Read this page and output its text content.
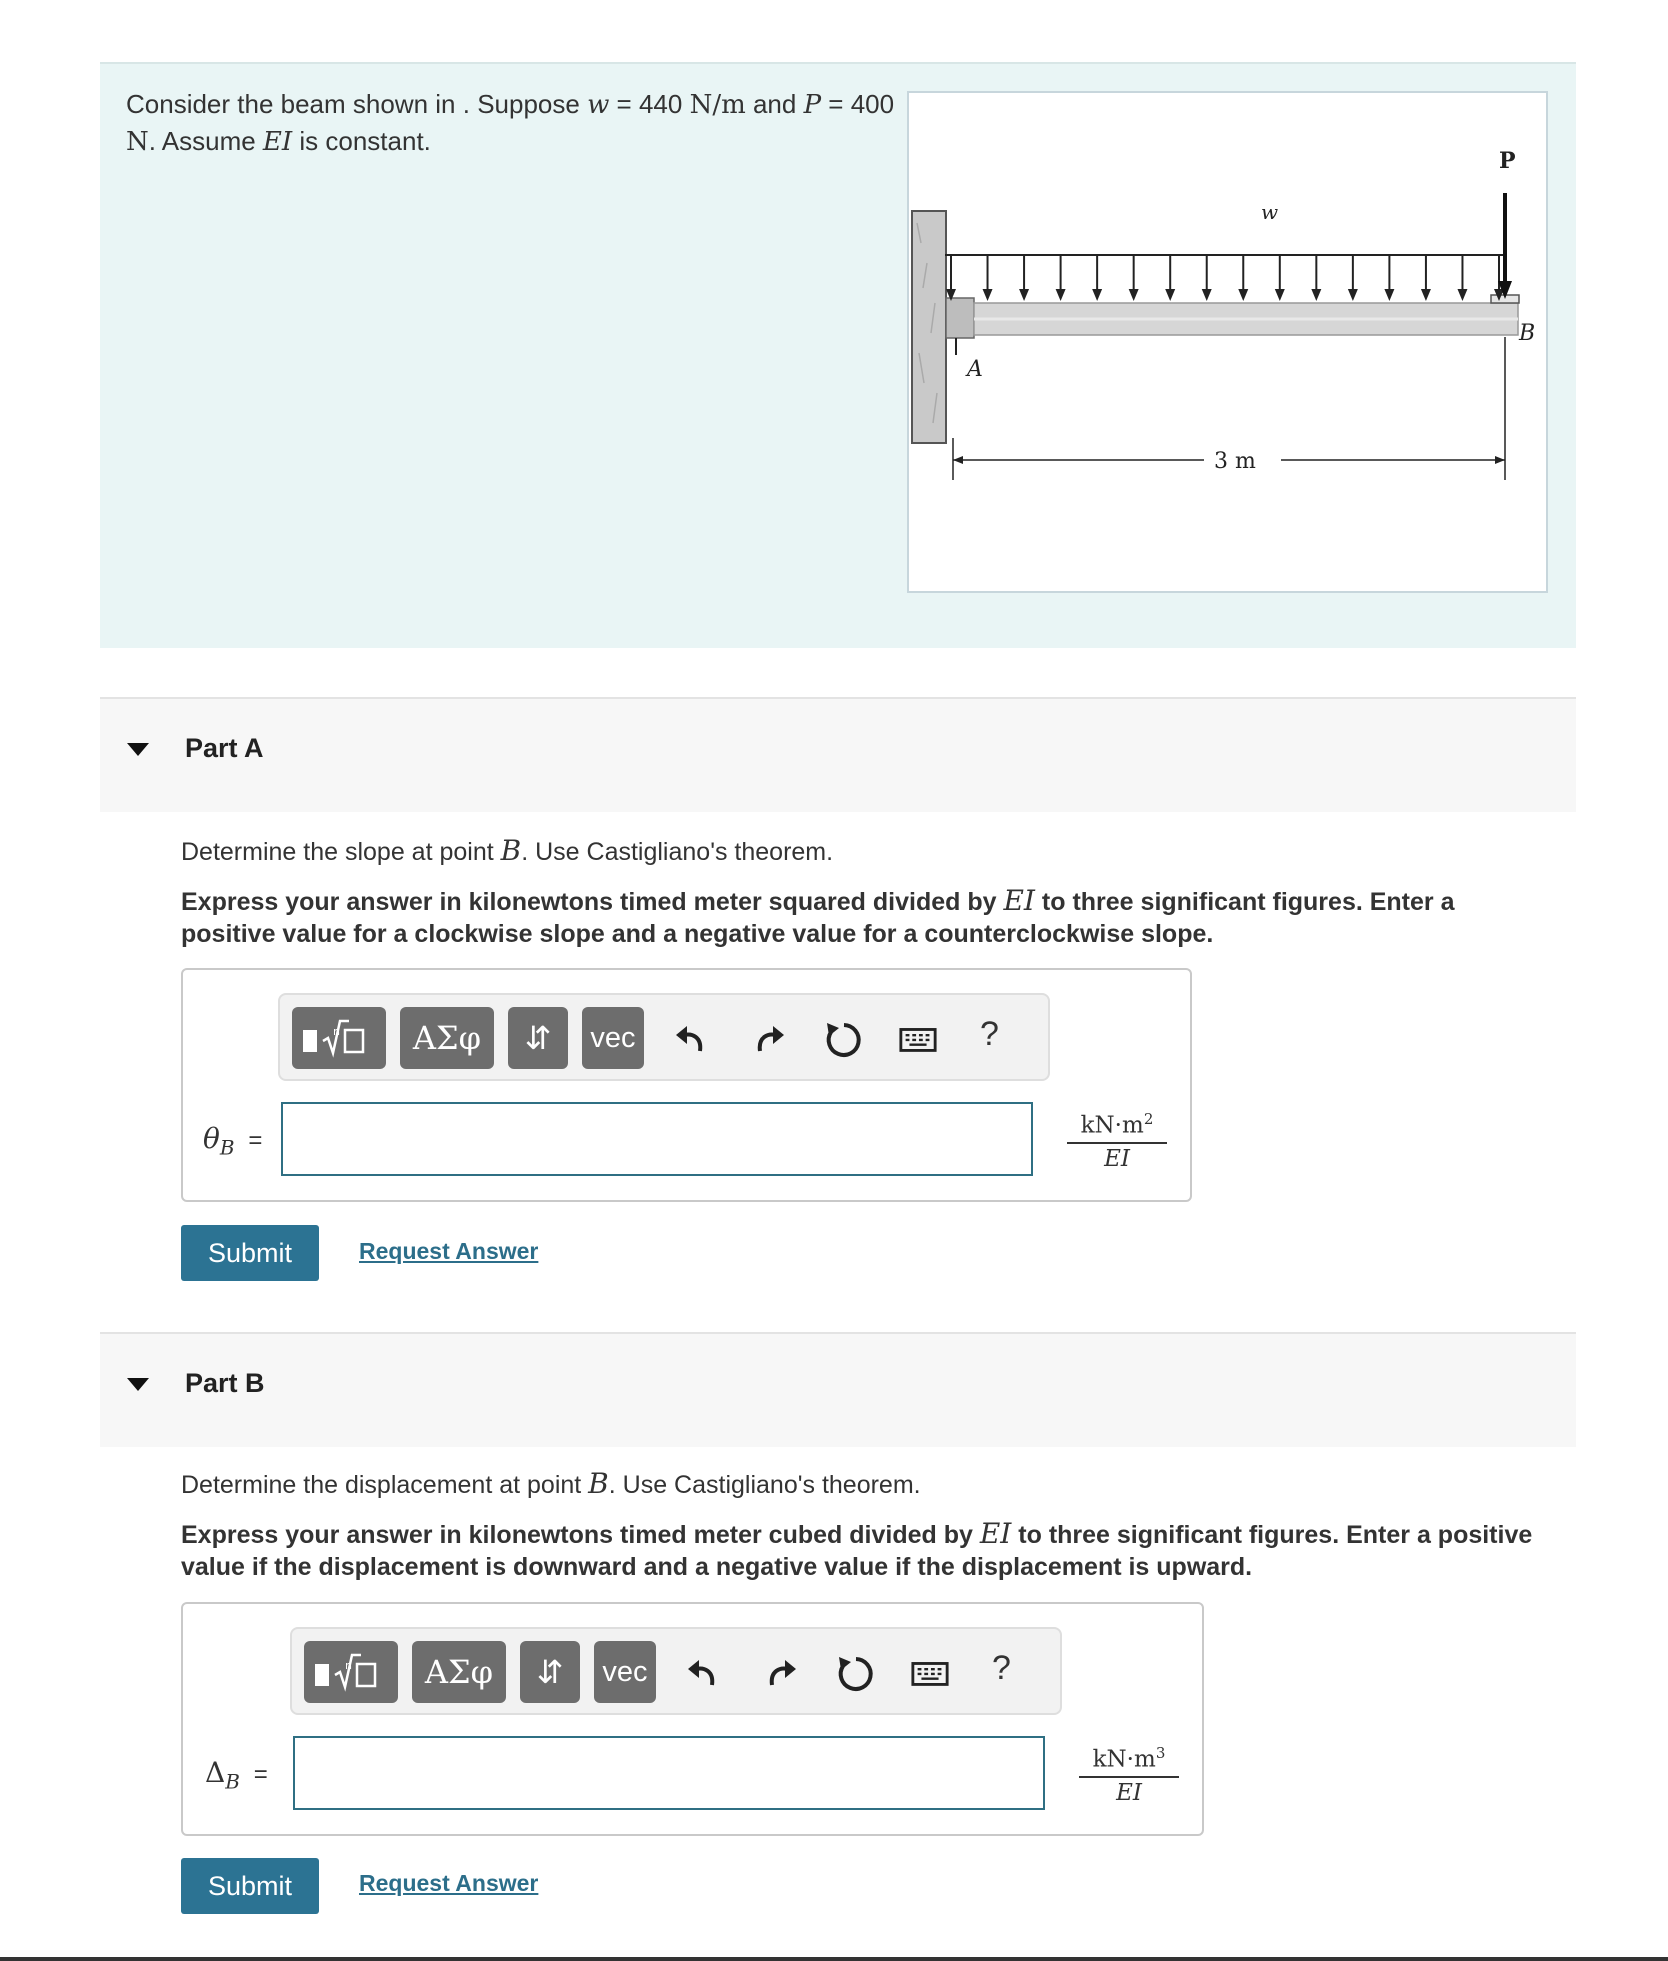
Consider the beam shown in . Suppose w = 440 N/m and P = 400 N. Assume EI is constant.
P
w
A
B
3 m
Part A
Determine the slope at point B. Use Castigliano's theorem.
Express your answer in kilonewtons timed meter squared divided by EI to three significant figures. Enter a positive value for a clockwise slope and a negative value for a counterclockwise slope.
n	ΑΣφ	⇵	vec	?
$\theta_B$ =	$\frac{kN\cdot m^2}{EI}$
Submit	Request Answer
Part B
Determine the displacement at point B. Use Castigliano's theorem.
Express your answer in kilonewtons timed meter cubed divided by EI to three significant figures. Enter a positive value if the displacement is downward and a negative value if the displacement is upward.
n	ΑΣφ	⇵	vec	?
$\Delta_B$ =	$\frac{kN\cdot m^3}{EI}$
Submit	Request Answer
